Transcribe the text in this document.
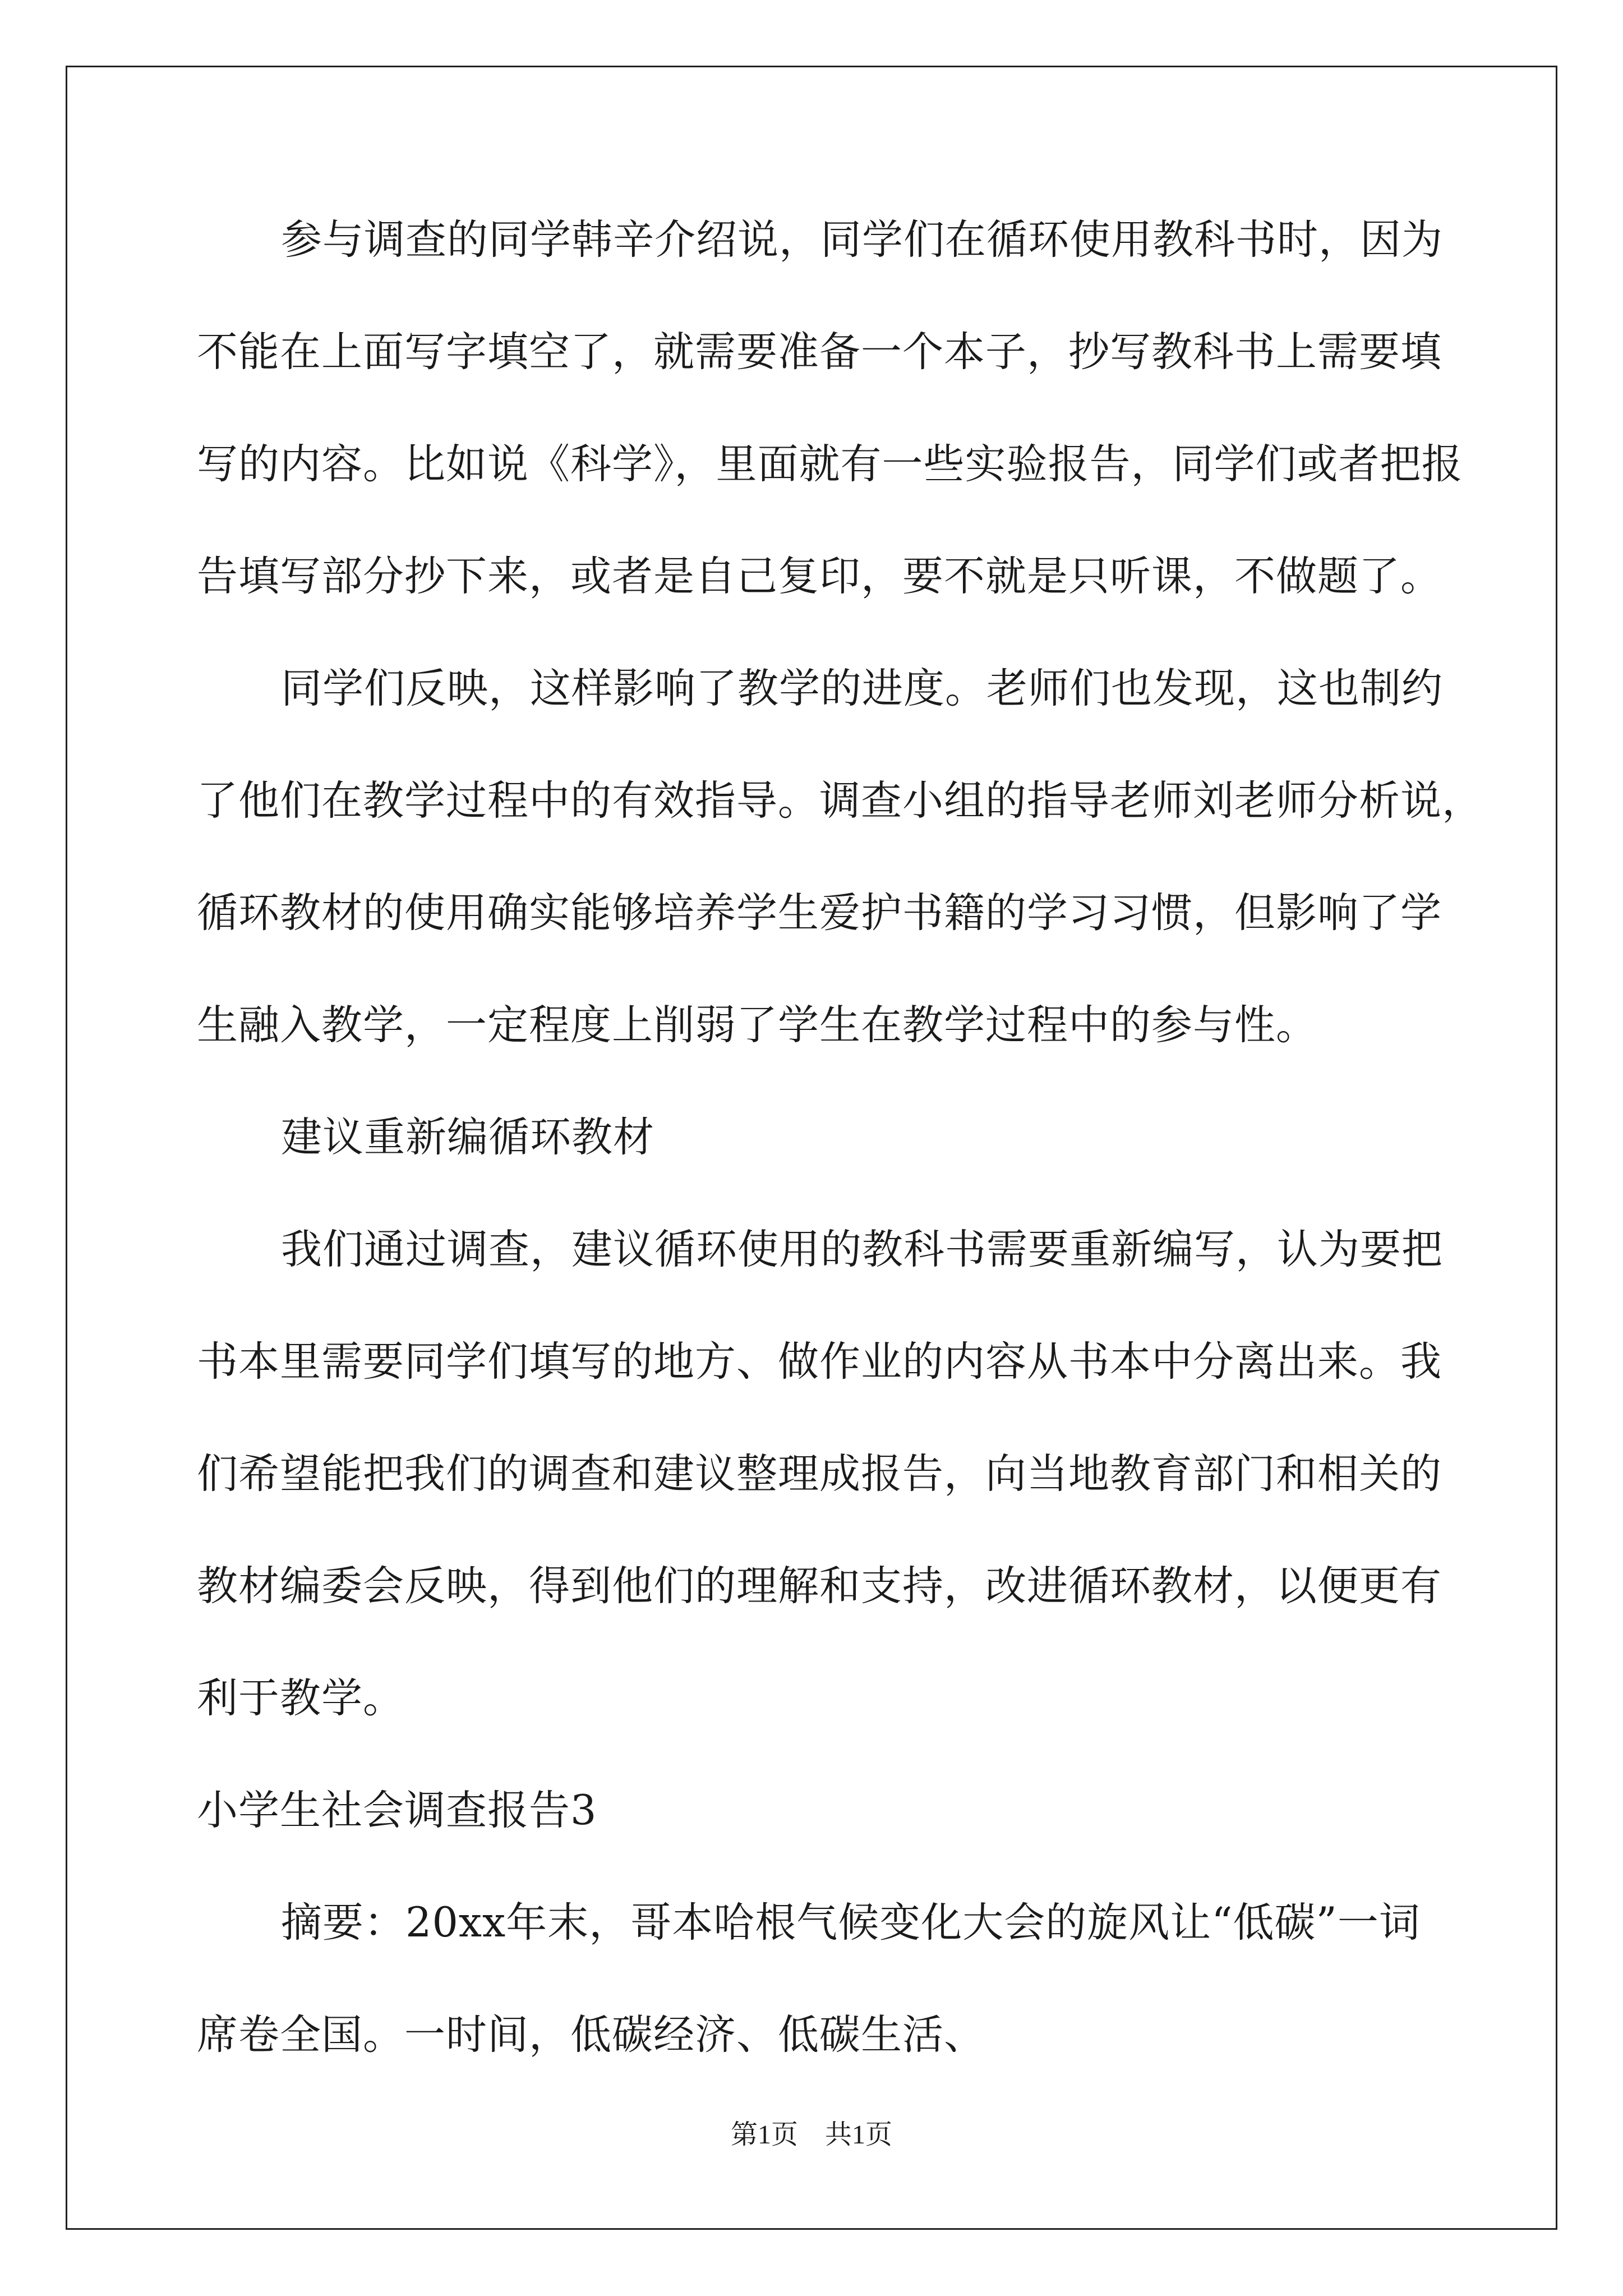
参与调查的同学韩辛介绍说，同学们在循环使用教科书时，因为
不能在上面写字填空了，就需要准备一个本子，抄写教科书上需要填
写的内容。比如说《科学》，里面就有一些实验报告，同学们或者把报
告填写部分抄下来，或者是自己复印，要不就是只听课，不做题了。
同学们反映，这样影响了教学的进度。老师们也发现，这也制约
了他们在教学过程中的有效指导。调查小组的指导老师刘老师分析说，
循环教材的使用确实能够培养学生爱护书籍的学习习惯，但影响了学
生融入教学，一定程度上削弱了学生在教学过程中的参与性。
建议重新编循环教材
我们通过调查，建议循环使用的教科书需要重新编写，认为要把
书本里需要同学们填写的地方、做作业的内容从书本中分离出来。我
们希望能把我们的调查和建议整理成报告，向当地教育部门和相关的
教材编委会反映，得到他们的理解和支持，改进循环教材，以便更有
利于教学。
小学生社会调查报告3
摘要：20xx年末，哥本哈根气候变化大会的旋风让“低碳”一词
席卷全国。一时间，低碳经济、低碳生活、
第1页　共1页
